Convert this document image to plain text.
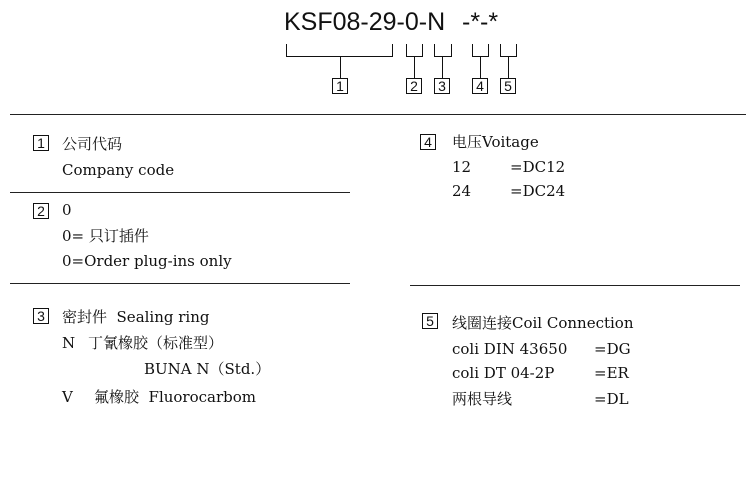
KSF08-29-0-N -*-*
1	2 3 4 5
1 公司代码
Company code
2 0
0= 只订插件
0=Order plug-ins only
3 密封件  Sealing ring
N 丁氰橡胶（标准型）
BUNA N（Std.）
V 氟橡胶  Fluorocarbom
4 电压Voitage
12	=DC12
24	=DC24
5 线圈连接Coil Connection
coli DIN 43650 =DG
coli DT 04-2P	=ER
两根导线	=DL
